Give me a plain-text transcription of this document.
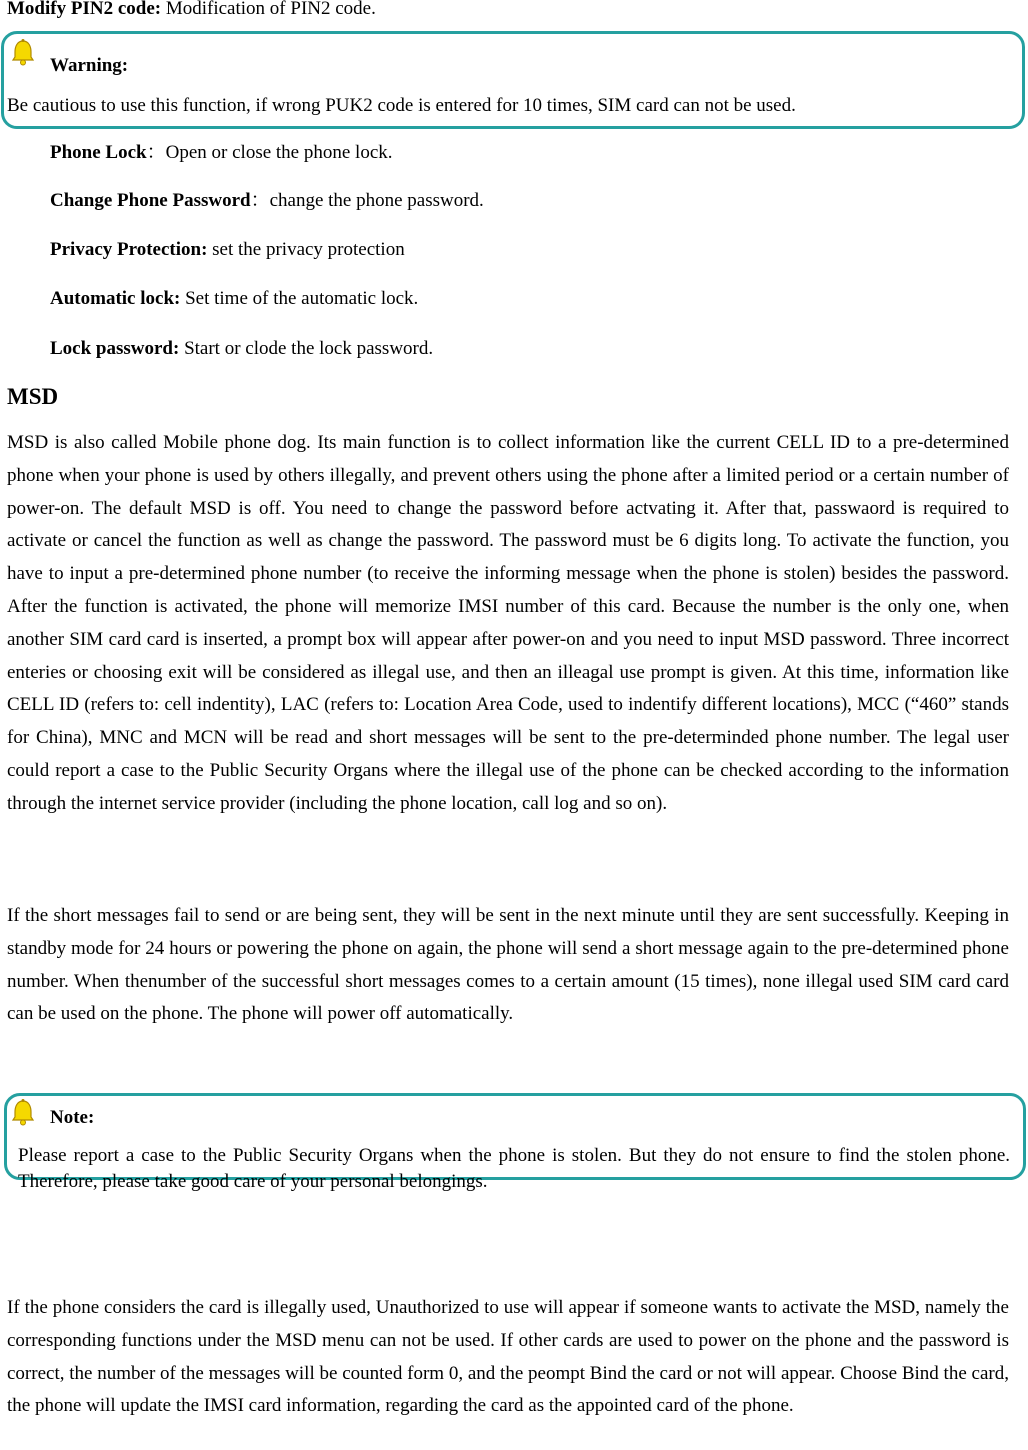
Modify PIN2 code: Modification of PIN2 code.
Warning:
Be cautious to use this function, if wrong PUK2 code is entered for 10 times, SIM card can not be used.
Phone Lock：Open or close the phone lock.
Change Phone Password：change the phone password.
Privacy Protection: set the privacy protection
Automatic lock: Set time of the automatic lock.
Lock password: Start or clode the lock password.
MSD
MSD is also called Mobile phone dog. Its main function is to collect information like the current CELL ID to a pre-determined phone when your phone is used by others illegally, and prevent others using the phone after a limited period or a certain number of power-on. The default MSD is off. You need to change the password before actvating it. After that, passwaord is required to activate or cancel the function as well as change the password. The password must be 6 digits long. To activate the function, you have to input a pre-determined phone number (to receive the informing message when the phone is stolen) besides the password. After the function is activated, the phone will memorize IMSI number of this card. Because the number is the only one, when another SIM card card is inserted, a prompt box will appear after power-on and you need to input MSD password. Three incorrect enteries or choosing exit will be considered as illegal use, and then an illeagal use prompt is given. At this time, information like CELL ID (refers to: cell indentity), LAC (refers to: Location Area Code, used to indentify different locations), MCC (“460” stands for China), MNC and MCN will be read and short messages will be sent to the pre-determinded phone number. The legal user could report a case to the Public Security Organs where the illegal use of the phone can be checked according to the information through the internet service provider (including the phone location, call log and so on).
If the short messages fail to send or are being sent, they will be sent in the next minute until they are sent successfully. Keeping in standby mode for 24 hours or powering the phone on again, the phone will send a short message again to the pre-determined phone number. When thenumber of the successful short messages comes to a certain amount (15 times), none illegal used SIM card card can be used on the phone. The phone will power off automatically.
Note:
Please report a case to the Public Security Organs when the phone is stolen. But they do not ensure to find the stolen phone. Therefore, please take good care of your personal belongings.
If the phone considers the card is illegally used, Unauthorized to use will appear if someone wants to activate the MSD, namely the corresponding functions under the MSD menu can not be used. If other cards are used to power on the phone and the password is correct, the number of the messages will be counted form 0, and the peompt Bind the card or not will appear. Choose Bind the card, the phone will update the IMSI card information, regarding the card as the appointed card of the phone.
